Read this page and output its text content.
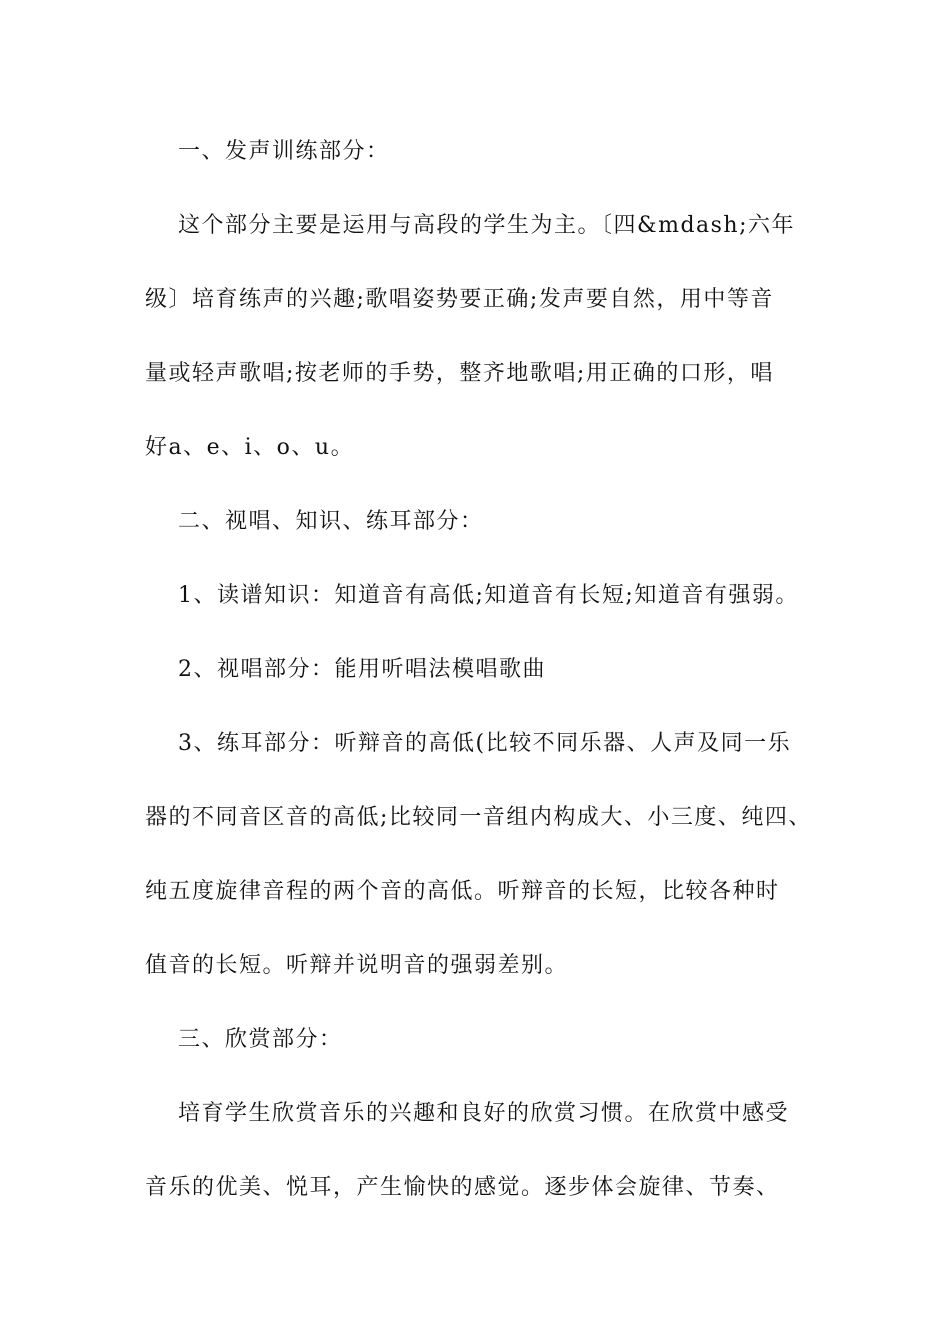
一、发声训练部分：
这个部分主要是运用与高段的学生为主。〔四&mdash;六年
级〕培育练声的兴趣;歌唱姿势要正确;发声要自然，用中等音
量或轻声歌唱;按老师的手势，整齐地歌唱;用正确的口形，唱
好a、e、i、o、u。
二、视唱、知识、练耳部分：
1、读谱知识：知道音有高低;知道音有长短;知道音有强弱。
2、视唱部分：能用听唱法模唱歌曲
3、练耳部分：听辩音的高低(比较不同乐器、人声及同一乐
器的不同音区音的高低;比较同一音组内构成大、小三度、纯四、
纯五度旋律音程的两个音的高低。听辩音的长短，比较各种时
值音的长短。听辩并说明音的强弱差别。
三、欣赏部分：
培育学生欣赏音乐的兴趣和良好的欣赏习惯。在欣赏中感受
音乐的优美、悦耳，产生愉快的感觉。逐步体会旋律、节奏、
